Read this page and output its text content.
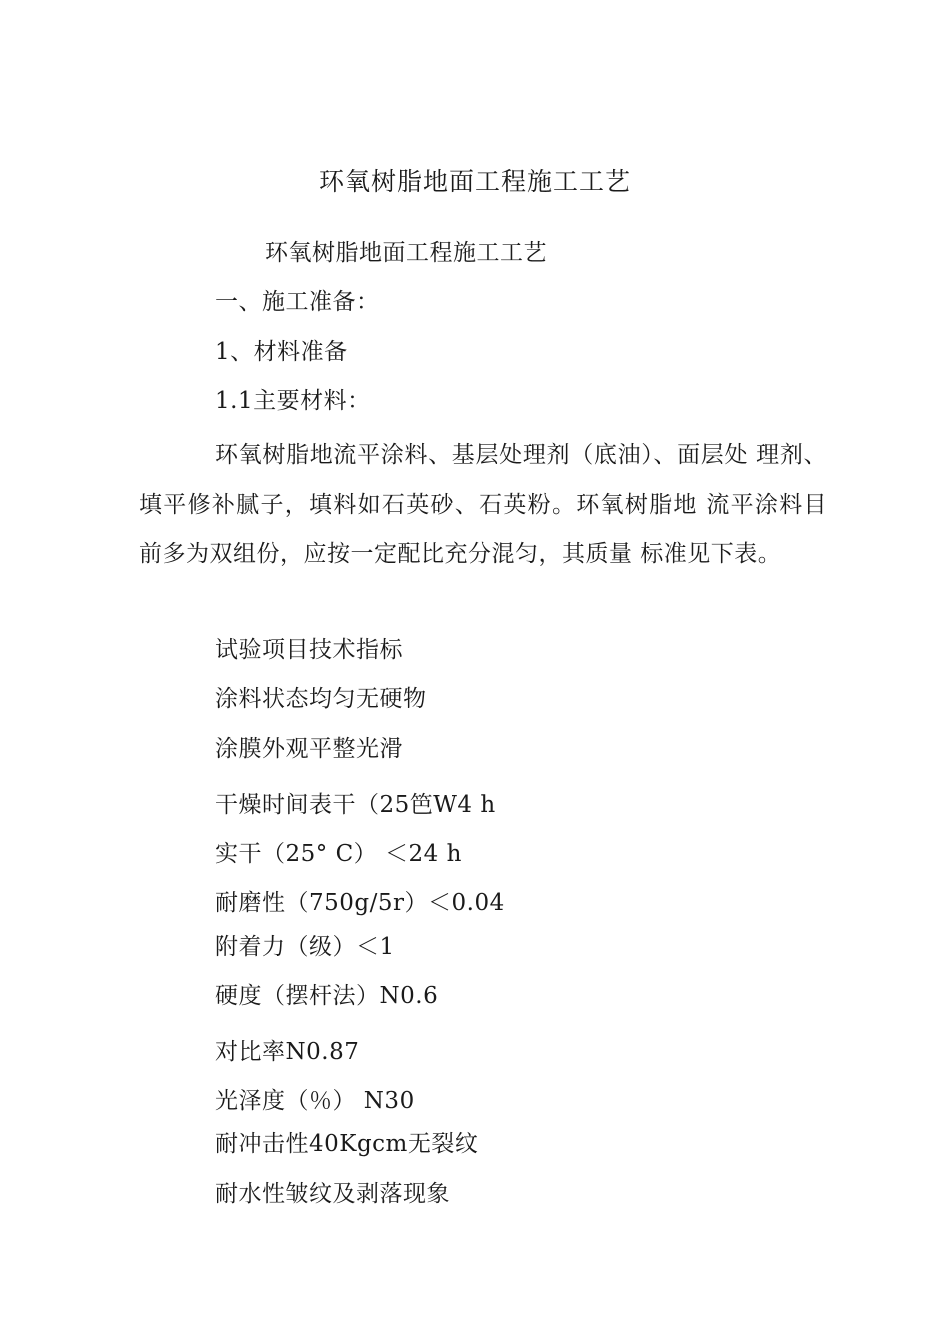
环氧树脂地面工程施工工艺
环氧树脂地面工程施工工艺
一、施工准备：
1、材料准备
1.1主要材料：
环氧树脂地流平涂料、基层处理剂（底油）、面层处 理剂、填平修补腻子，填料如石英砂、石英粉。环氧树脂地 流平涂料目前多为双组份，应按一定配比充分混匀，其质量 标准见下表。
试验项目技术指标
涂料状态均匀无硬物
涂膜外观平整光滑
干燥时间表干（25笆W4 h
实干（25° C） ＜24 h
耐磨性（750g/5r）＜0.04
附着力（级）＜1
硬度（摆杆法）N0.6
对比率N0.87
光泽度（％） N30
耐冲击性40Kgcm无裂纹
耐水性皱纹及剥落现象
